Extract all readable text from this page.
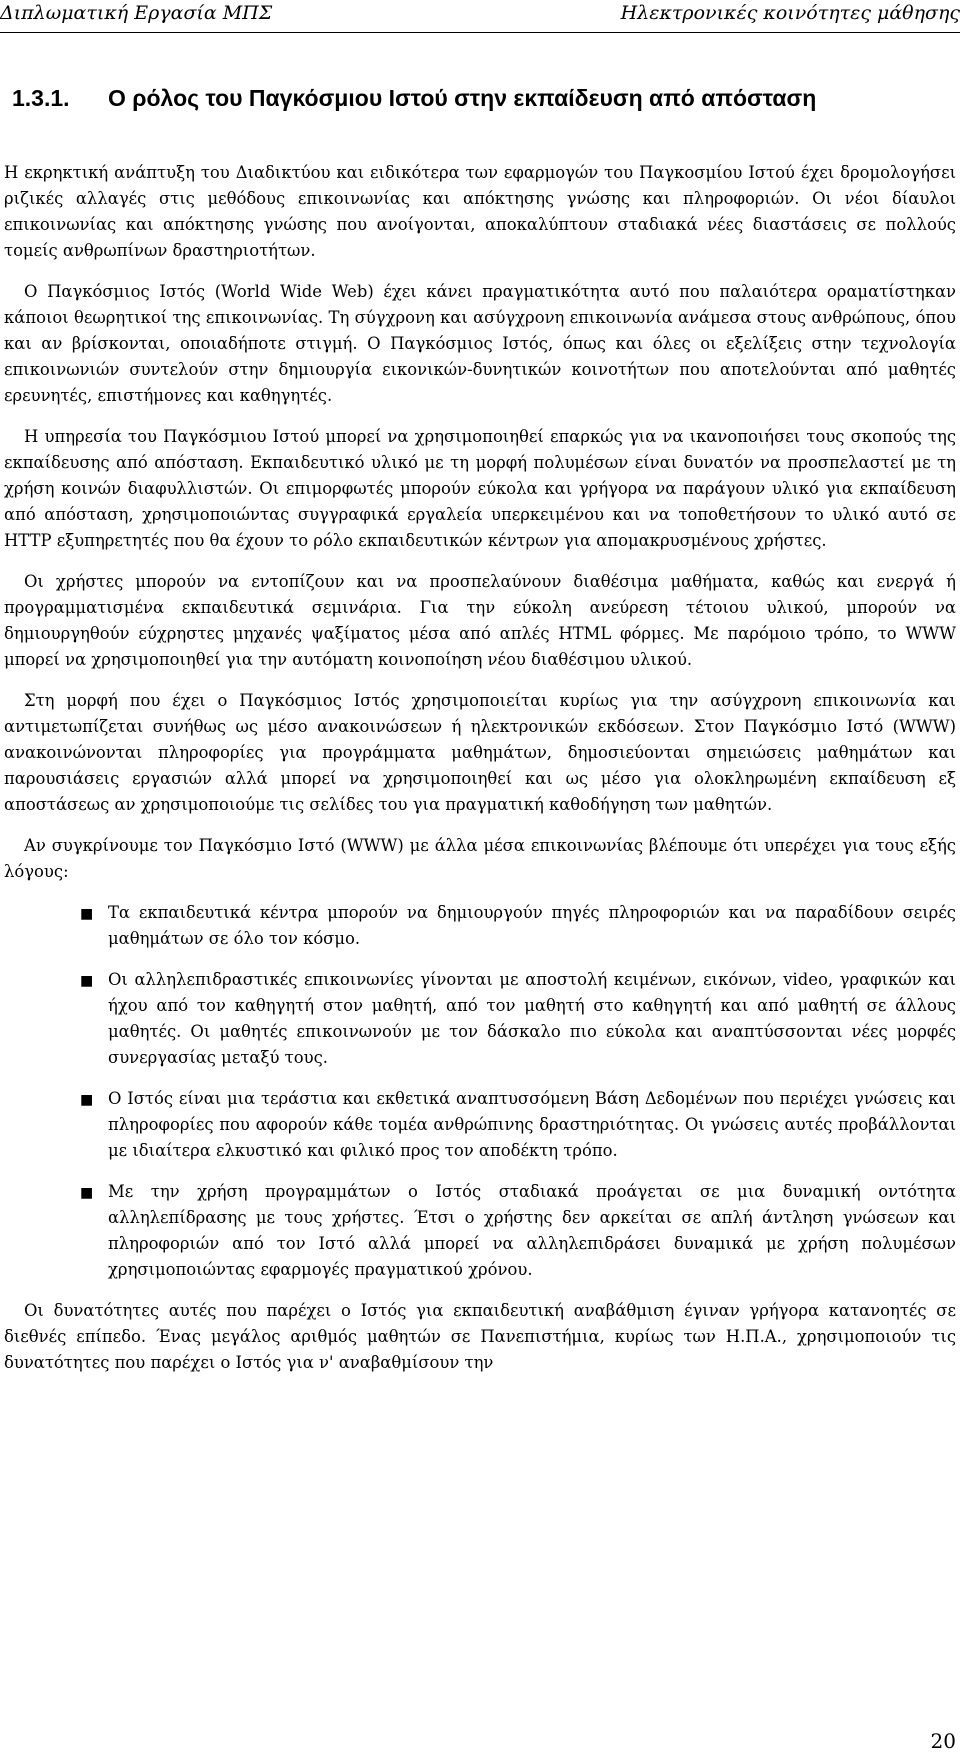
Διπλωματική Εργασία ΜΠΣ	Ηλεκτρονικές κοινότητες μάθησης
1.3.1. Ο ρόλος του Παγκόσμιου Ιστού στην εκπαίδευση από απόσταση

Η εκρηκτική ανάπτυξη του Διαδικτύου και ειδικότερα των εφαρμογών του Παγκοσμίου Ιστού έχει δρομολογήσει ριζικές αλλαγές στις μεθόδους επικοινωνίας και απόκτησης γνώσης και πληροφοριών. Οι νέοι δίαυλοι επικοινωνίας και απόκτησης γνώσης που ανοίγονται, αποκαλύπτουν σταδιακά νέες διαστάσεις σε πολλούς τομείς ανθρωπίνων δραστηριοτήτων.

Ο Παγκόσμιος Ιστός (World Wide Web) έχει κάνει πραγματικότητα αυτό που παλαιότερα οραματίστηκαν κάποιοι θεωρητικοί της επικοινωνίας. Τη σύγχρονη και ασύγχρονη επικοινωνία ανάμεσα στους ανθρώπους, όπου και αν βρίσκονται, οποιαδήποτε στιγμή. Ο Παγκόσμιος Ιστός, όπως και όλες οι εξελίξεις στην τεχνολογία επικοινωνιών συντελούν στην δημιουργία εικονικών-δυνητικών κοινοτήτων που αποτελούνται από μαθητές ερευνητές, επιστήμονες και καθηγητές.

Η υπηρεσία του Παγκόσμιου Ιστού μπορεί να χρησιμοποιηθεί επαρκώς για να ικανοποιήσει τους σκοπούς της εκπαίδευσης από απόσταση. Εκπαιδευτικό υλικό με τη μορφή πολυμέσων είναι δυνατόν να προσπελαστεί με τη χρήση κοινών διαφυλλιστών. Οι επιμορφωτές μπορούν εύκολα και γρήγορα να παράγουν υλικό για εκπαίδευση από απόσταση, χρησιμοποιώντας συγγραφικά εργαλεία υπερκειμένου και να τοποθετήσουν το υλικό αυτό σε HTTP εξυπηρετητές που θα έχουν το ρόλο εκπαιδευτικών κέντρων για απομακρυσμένους χρήστες.

Οι χρήστες μπορούν να εντοπίζουν και να προσπελαύνουν διαθέσιμα μαθήματα, καθώς και ενεργά ή προγραμματισμένα εκπαιδευτικά σεμινάρια. Για την εύκολη ανεύρεση τέτοιου υλικού, μπορούν να δημιουργηθούν εύχρηστες μηχανές ψαξίματος μέσα από απλές HTML φόρμες. Με παρόμοιο τρόπο, το WWW μπορεί να χρησιμοποιηθεί για την αυτόματη κοινοποίηση νέου διαθέσιμου υλικού.

Στη μορφή που έχει ο Παγκόσμιος Ιστός χρησιμοποιείται κυρίως για την ασύγχρονη επικοινωνία και αντιμετωπίζεται συνήθως ως μέσο ανακοινώσεων ή ηλεκτρονικών εκδόσεων. Στον Παγκόσμιο Ιστό (WWW) ανακοινώνονται πληροφορίες για προγράμματα μαθημάτων, δημοσιεύονται σημειώσεις μαθημάτων και παρουσιάσεις εργασιών αλλά μπορεί να χρησιμοποιηθεί και ως μέσο για ολοκληρωμένη εκπαίδευση εξ αποστάσεως αν χρησιμοποιούμε τις σελίδες του για πραγματική καθοδήγηση των μαθητών.

Αν συγκρίνουμε τον Παγκόσμιο Ιστό (WWW) με άλλα μέσα επικοινωνίας βλέπουμε ότι υπερέχει για τους εξής λόγους:

■ Τα εκπαιδευτικά κέντρα μπορούν να δημιουργούν πηγές πληροφοριών και να παραδίδουν σειρές μαθημάτων σε όλο τον κόσμο.
■ Οι αλληλεπιδραστικές επικοινωνίες γίνονται με αποστολή κειμένων, εικόνων, video, γραφικών και ήχου από τον καθηγητή στον μαθητή, από τον μαθητή στο καθηγητή και από μαθητή σε άλλους μαθητές. Οι μαθητές επικοινωνούν με τον δάσκαλο πιο εύκολα και αναπτύσσονται νέες μορφές συνεργασίας μεταξύ τους.
■ Ο Ιστός είναι μια τεράστια και εκθετικά αναπτυσσόμενη Βάση Δεδομένων που περιέχει γνώσεις και πληροφορίες που αφορούν κάθε τομέα ανθρώπινης δραστηριότητας. Οι γνώσεις αυτές προβάλλονται με ιδιαίτερα ελκυστικό και φιλικό προς τον αποδέκτη τρόπο.
■ Με την χρήση προγραμμάτων ο Ιστός σταδιακά προάγεται σε μια δυναμική οντότητα αλληλεπίδρασης με τους χρήστες. Έτσι ο χρήστης δεν αρκείται σε απλή άντληση γνώσεων και πληροφοριών από τον Ιστό αλλά μπορεί να αλληλεπιδράσει δυναμικά με χρήση πολυμέσων χρησιμοποιώντας εφαρμογές πραγματικού χρόνου.

Οι δυνατότητες αυτές που παρέχει ο Ιστός για εκπαιδευτική αναβάθμιση έγιναν γρήγορα κατανοητές σε διεθνές επίπεδο. Ένας μεγάλος αριθμός μαθητών σε Πανεπιστήμια, κυρίως των Η.Π.Α., χρησιμοποιούν τις δυνατότητες που παρέχει ο Ιστός για ν' αναβαθμίσουν την

20
